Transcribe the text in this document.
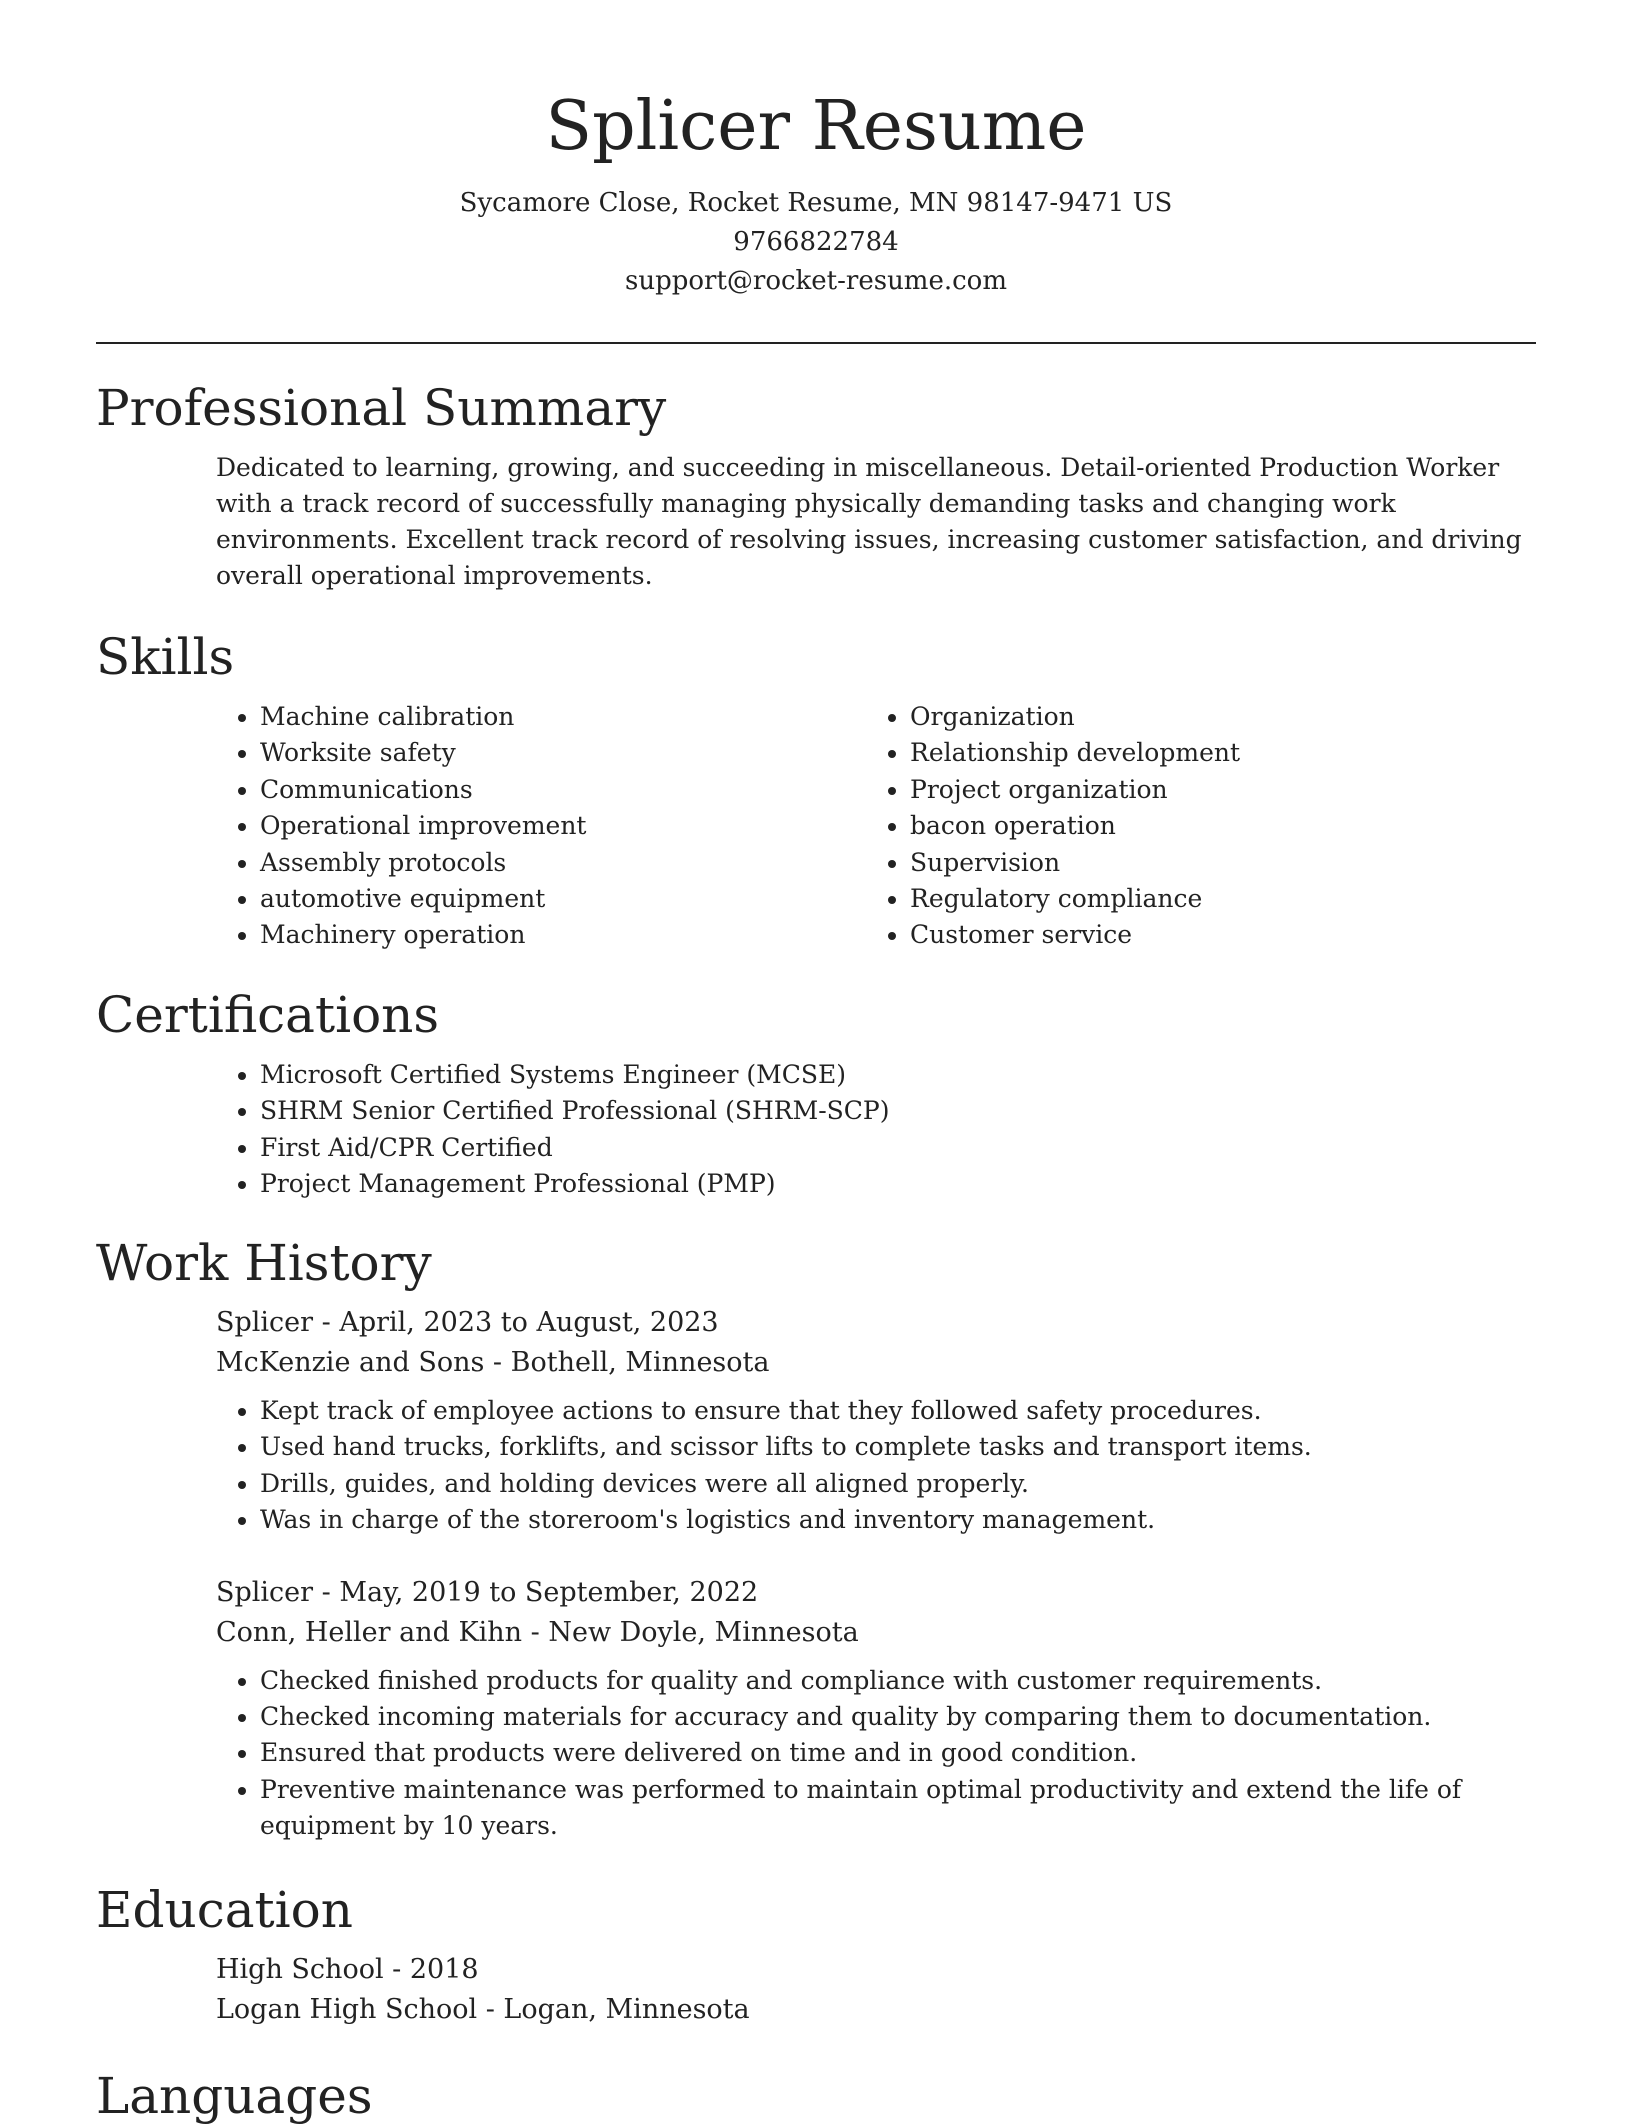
Splicer Resume
Sycamore Close, Rocket Resume, MN 98147-9471 US
9766822784
support@rocket-resume.com
Professional Summary
Dedicated to learning, growing, and succeeding in miscellaneous. Detail-oriented Production Worker with a track record of successfully managing physically demanding tasks and changing work environments. Excellent track record of resolving issues, increasing customer satisfaction, and driving overall operational improvements.
Skills
• Machine calibration
• Worksite safety
• Communications
• Operational improvement
• Assembly protocols
• automotive equipment
• Machinery operation
• Organization
• Relationship development
• Project organization
• bacon operation
• Supervision
• Regulatory compliance
• Customer service
Certifications
• Microsoft Certified Systems Engineer (MCSE)
• SHRM Senior Certified Professional (SHRM-SCP)
• First Aid/CPR Certified
• Project Management Professional (PMP)
Work History
Splicer - April, 2023 to August, 2023
McKenzie and Sons - Bothell, Minnesota
• Kept track of employee actions to ensure that they followed safety procedures.
• Used hand trucks, forklifts, and scissor lifts to complete tasks and transport items.
• Drills, guides, and holding devices were all aligned properly.
• Was in charge of the storeroom's logistics and inventory management.
Splicer - May, 2019 to September, 2022
Conn, Heller and Kihn - New Doyle, Minnesota
• Checked finished products for quality and compliance with customer requirements.
• Checked incoming materials for accuracy and quality by comparing them to documentation.
• Ensured that products were delivered on time and in good condition.
• Preventive maintenance was performed to maintain optimal productivity and extend the life of equipment by 10 years.
Education
High School - 2018
Logan High School - Logan, Minnesota
Languages
